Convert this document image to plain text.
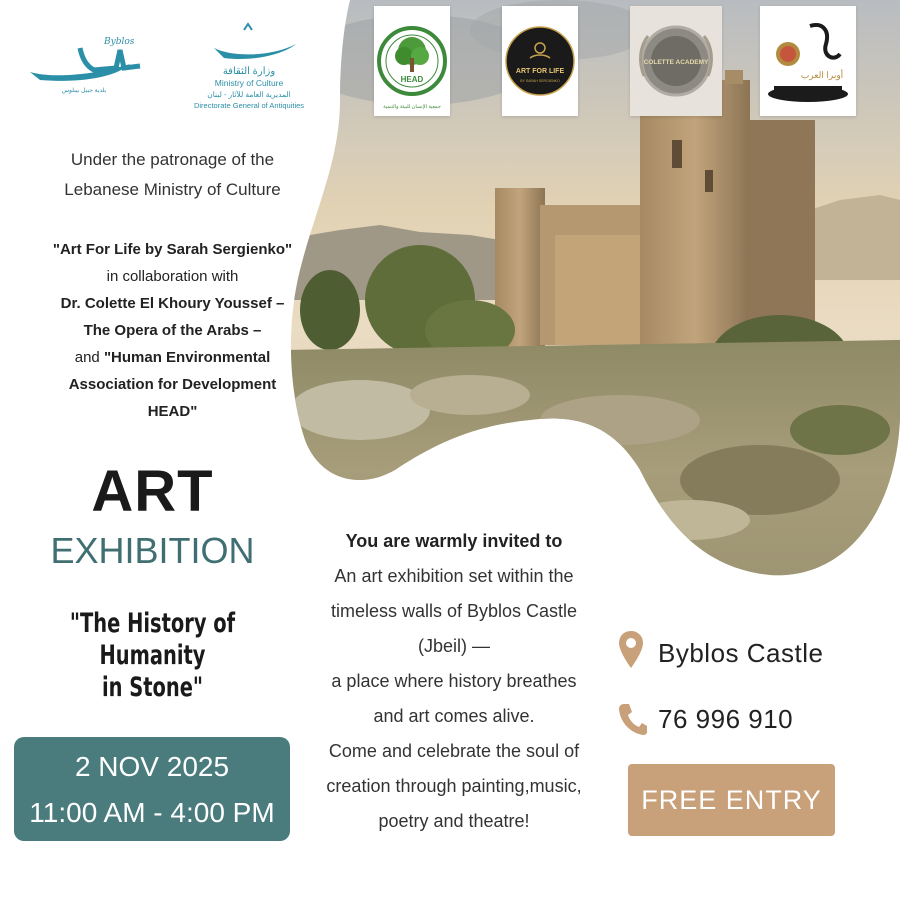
Byblos
بلدية جبيل بيبلوس
وزارة الثقافة
Ministry of Culture
المديرية العامة للآثار - لبنان
Directorate General of Antiquities
HEAD
جمعية الإنسان للبيئة والتنمية
ART FOR LIFE
BY SARAH SERGIENKO
COLETTE ACADEMY
أوبرا العرب
Under the patronage of the
Lebanese Ministry of Culture
"Art For Life by Sarah Sergienko"
in collaboration with
Dr. Colette El Khoury Youssef –
The Opera of the Arabs –
and "Human Environmental
Association for Development
HEAD"
ART
EXHIBITION
"The History of Humanity
in Stone"
2 NOV 2025
11:00 AM - 4:00 PM
You are warmly invited to
An art exhibition set within the
timeless walls of Byblos Castle
(Jbeil) —
a place where history breathes
and art comes alive.
Come and celebrate the soul of
creation through painting,music,
poetry and theatre!
Byblos Castle
76 996 910
FREE ENTRY
